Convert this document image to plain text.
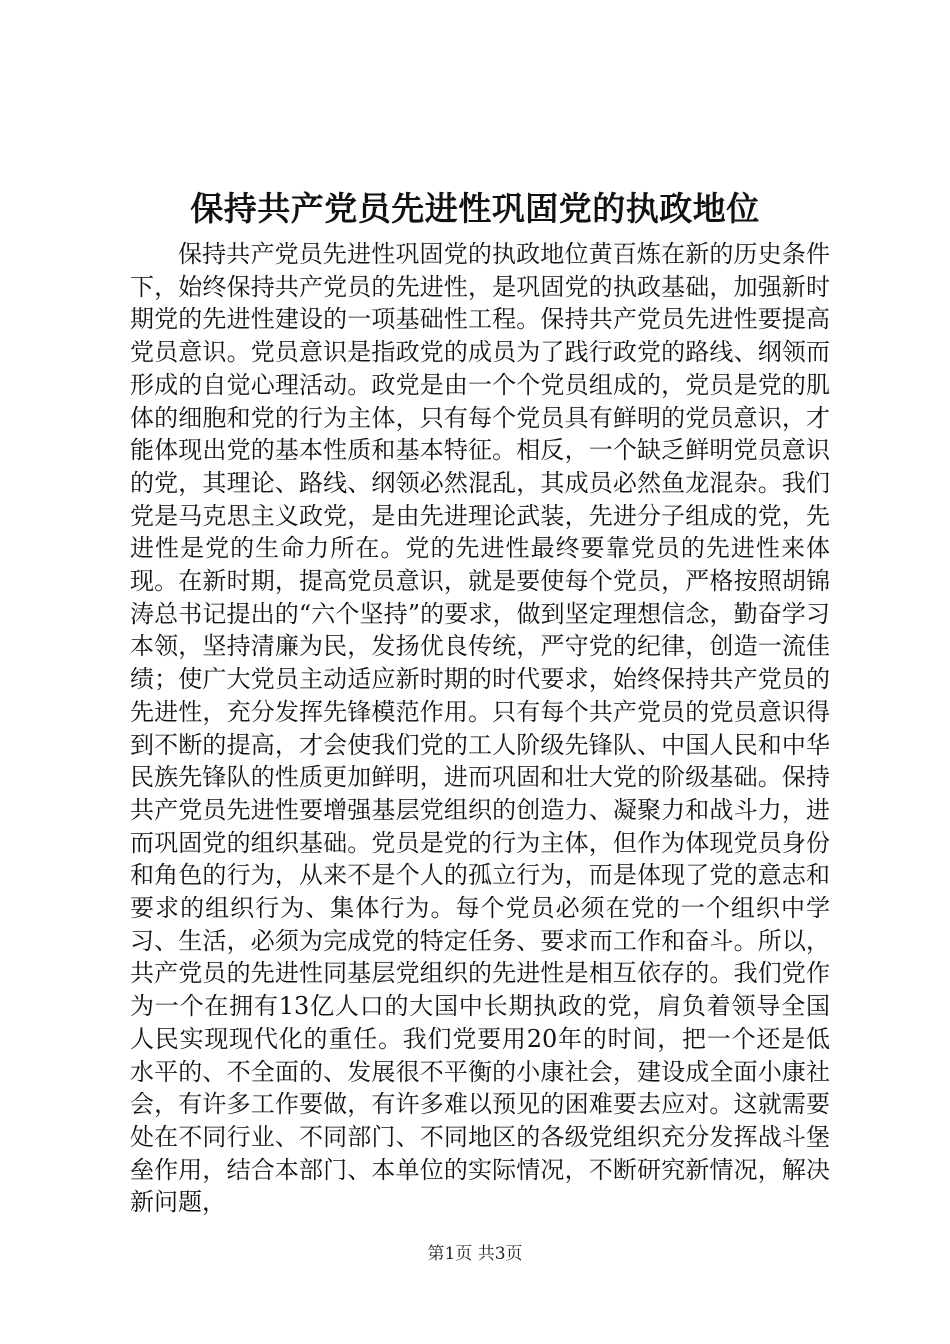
保持共产党员先进性巩固党的执政地位

保持共产党员先进性巩固党的执政地位黄百炼在新的历史条件下，始终保持共产党员的先进性，是巩固党的执政基础，加强新时期党的先进性建设的一项基础性工程。保持共产党员先进性要提高党员意识。党员意识是指政党的成员为了践行政党的路线、纲领而形成的自觉心理活动。政党是由一个个党员组成的，党员是党的肌体的细胞和党的行为主体，只有每个党员具有鲜明的党员意识，才能体现出党的基本性质和基本特征。相反，一个缺乏鲜明党员意识的党，其理论、路线、纲领必然混乱，其成员必然鱼龙混杂。我们党是马克思主义政党，是由先进理论武装，先进分子组成的党，先进性是党的生命力所在。党的先进性最终要靠党员的先进性来体现。在新时期，提高党员意识，就是要使每个党员，严格按照胡锦涛总书记提出的“六个坚持”的要求，做到坚定理想信念，勤奋学习本领，坚持清廉为民，发扬优良传统，严守党的纪律，创造一流佳绩；使广大党员主动适应新时期的时代要求，始终保持共产党员的先进性，充分发挥先锋模范作用。只有每个共产党员的党员意识得到不断的提高，才会使我们党的工人阶级先锋队、中国人民和中华民族先锋队的性质更加鲜明，进而巩固和壮大党的阶级基础。保持共产党员先进性要增强基层党组织的创造力、凝聚力和战斗力，进而巩固党的组织基础。党员是党的行为主体，但作为体现党员身份和角色的行为，从来不是个人的孤立行为，而是体现了党的意志和要求的组织行为、集体行为。每个党员必须在党的一个组织中学习、生活，必须为完成党的特定任务、要求而工作和奋斗。所以，共产党员的先进性同基层党组织的先进性是相互依存的。我们党作为一个在拥有13亿人口的大国中长期执政的党，肩负着领导全国人民实现现代化的重任。我们党要用20年的时间，把一个还是低水平的、不全面的、发展很不平衡的小康社会，建设成全面小康社会，有许多工作要做，有许多难以预见的困难要去应对。这就需要处在不同行业、不同部门、不同地区的各级党组织充分发挥战斗堡垒作用，结合本部门、本单位的实际情况，不断研究新情况，解决新问题，

第1页 共3页
